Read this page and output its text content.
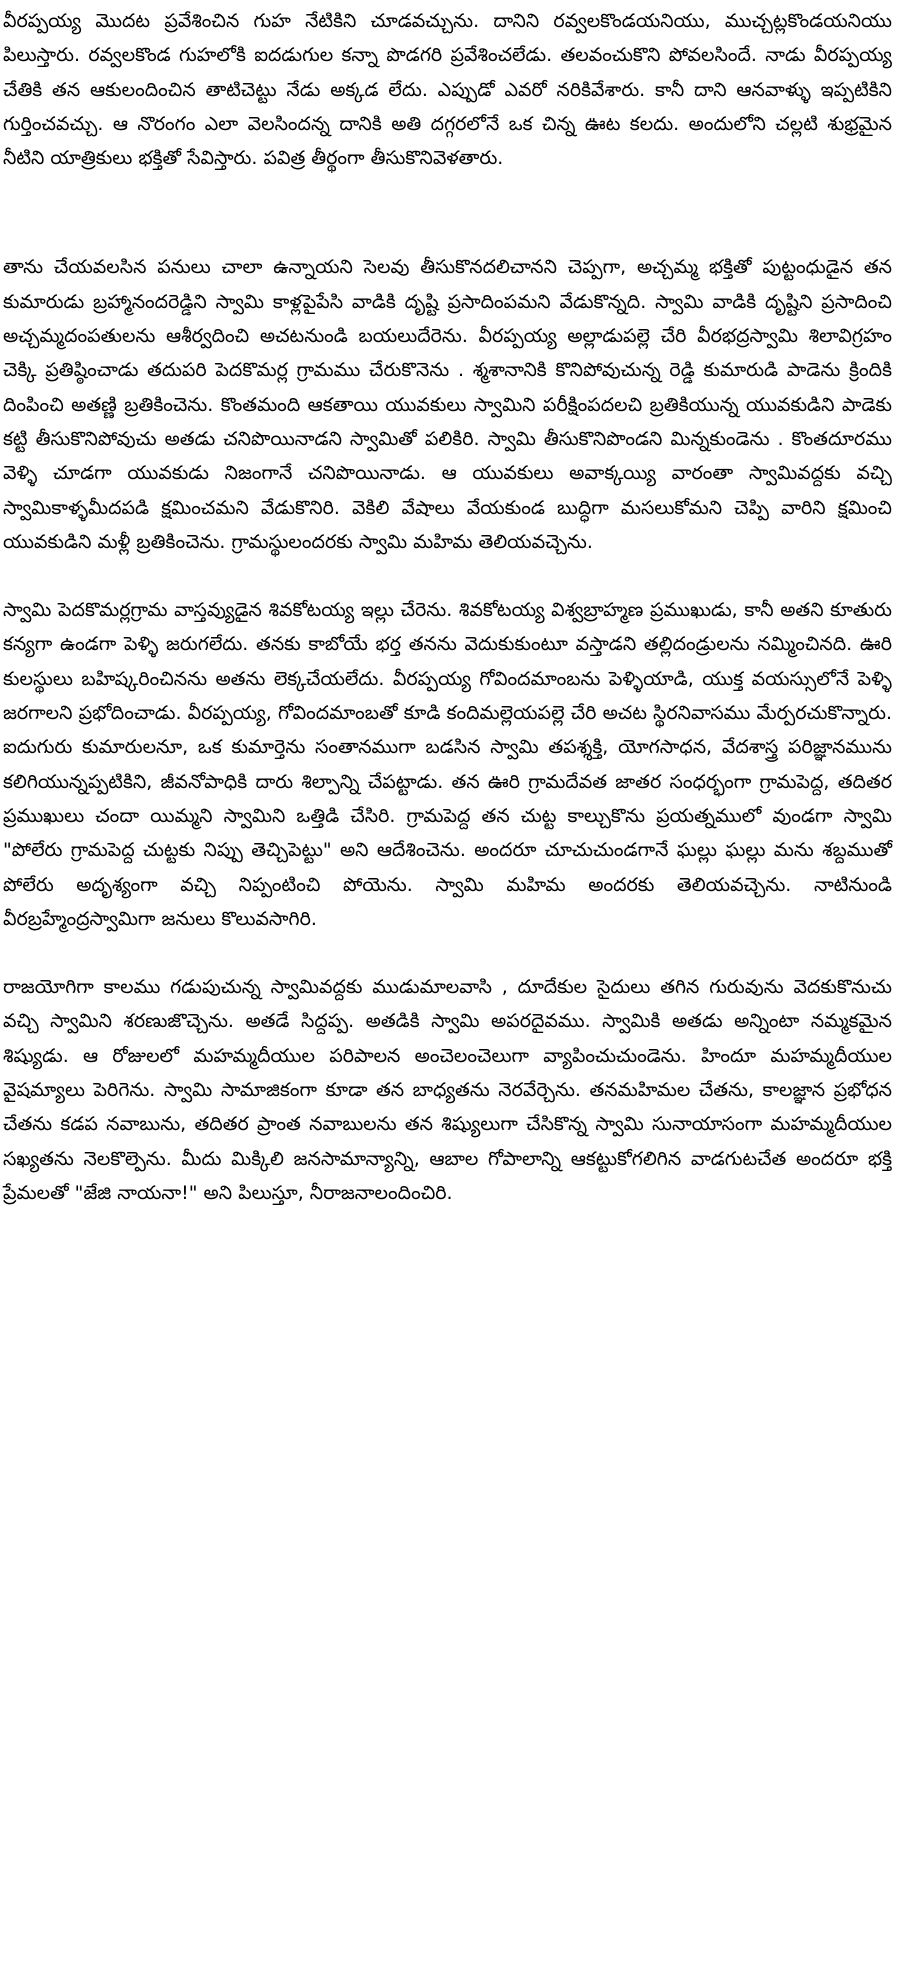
వీరప్పయ్య మొదట ప్రవేశించిన గుహ నేటికిని చూడవచ్చును. దానిని రవ్వలకొండయనియు, ముచ్చట్లకొండయనియు పిలుస్తారు. రవ్వలకొండ గుహలోకి ఐదడుగుల కన్నా పొడగరి ప్రవేశించలేడు. తలవంచుకొని పోవలసిందే. నాడు వీరప్పయ్య చేతికి తన ఆకులందించిన తాటిచెట్టు నేడు అక్కడ లేదు. ఎప్పుడో ఎవరో నరికివేశారు. కానీ దాని ఆనవాళ్ళు ఇప్పటికిని గుర్తించవచ్చు. ఆ నొరంగం ఎలా వెలసిందన్న దానికి అతి దగ్గరలోనే ఒక చిన్న ఊట కలదు. అందులోని చల్లటి శుభ్రమైన నీటిని యాత్రికులు భక్తితో సేవిస్తారు. పవిత్ర తీర్థంగా తీసుకొనివెళతారు.

తాను చేయవలసిన పనులు చాలా ఉన్నాయని సెలవు తీసుకొనదలిచానని చెప్పగా, అచ్చమ్మ భక్తితో పుట్టంధుడైన తన కుమారుడు బ్రహ్మానందరెడ్డిని స్వామి కాళ్లపైపేసి వాడికి దృష్టి ప్రసాదింపమని వేడుకొన్నది. స్వామి వాడికి దృష్టిని ప్రసాదించి అచ్చమ్మదంపతులను ఆశీర్వదించి అచటనుండి బయలుదేరెను. వీరప్పయ్య అల్లాడుపల్లె చేరి వీరభద్రస్వామి శిలావిగ్రహం చెక్కి ప్రతిష్ఠించాడు తదుపరి పెదకొమర్ల గ్రామము చేరుకొనెను . శ్మశానానికి కొనిపోవుచున్న రెడ్డి కుమారుడి పాడెను క్రిందికి దింపించి అతణ్ణి బ్రతికించెను. కొంతమంది ఆకతాయి యువకులు స్వామిని పరీక్షింపదలచి బ్రతికియున్న యువకుడిని పాడెకు కట్టి తీసుకొనిపోవుచు అతడు చనిపొయినాడని స్వామితో పలికిరి. స్వామి తీసుకొనిపొండని మిన్నకుండెను . కొంతదూరము వెళ్ళి చూడగా యువకుడు నిజంగానే చనిపొయినాడు. ఆ యువకులు అవాక్కయ్యి వారంతా స్వామివద్దకు వచ్చి స్వామికాళ్ళమీదపడి క్షమించమని వేడుకొనిరి. వెకిలి వేషాలు వేయకుండ బుద్ధిగా మసలుకోమని చెప్పి వారిని క్షమించి యువకుడిని మళ్లీ బ్రతికించెను. గ్రామస్థులందరకు స్వామి మహిమ తెలియవచ్చెను.

స్వామి పెదకొమర్లగ్రామ వాస్తవ్యుడైన శివకోటయ్య ఇల్లు చేరెను. శివకోటయ్య విశ్వబ్రాహ్మణ ప్రముఖుడు, కానీ అతని కూతురు కన్యగా ఉండగా పెళ్ళి జరుగలేదు. తనకు కాబోయే భర్త తనను వెదుకుకుంటూ వస్తాడని తల్లిదండ్రులను నమ్మించినది. ఊరి కులస్థులు బహిష్కరించినను అతను లెక్కచేయలేదు. వీరప్పయ్య గోవిందమాంబను పెళ్ళియాడి, యుక్త వయస్సులోనే పెళ్ళి జరగాలని ప్రభోదించాడు. వీరప్పయ్య, గోవిందమాంబతో కూడి కందిమల్లెయపల్లె చేరి అచట స్థిరనివాసము మేర్పరచుకొన్నారు. ఐదుగురు కుమారులనూ, ఒక కుమార్తెను సంతానముగా బడసిన స్వామి తపశ్శక్తి, యోగసాధన, వేదశాస్త్ర పరిజ్ఞానమును కలిగియున్నప్పటికిని, జీవనోపాధికి దారు శిల్పాన్ని చేపట్టాడు. తన ఊరి గ్రామదేవత జాతర సంధర్భంగా గ్రామపెద్ద, తదితర ప్రముఖులు చందా యిమ్మని స్వామిని ఒత్తిడి చేసిరి. గ్రామపెద్ద తన చుట్ట కాల్చుకొను ప్రయత్నములో వుండగా స్వామి "పోలేరు గ్రామపెద్ద చుట్టకు నిప్పు తెచ్చిపెట్టు" అని ఆదేశించెను. అందరూ చూచుచుండగానే ఘల్లు ఘల్లు మను శబ్దముతో పోలేరు అదృశ్యంగా వచ్చి నిప్పంటించి పోయెను. స్వామి మహిమ అందరకు తెలియవచ్చెను. నాటినుండి వీరబ్రహ్మేంద్రస్వామిగా జనులు కొలువసాగిరి.

రాజయోగిగా కాలము గడుపుచున్న స్వామివద్దకు ముడుమాలవాసి , దూదేకుల సైదులు తగిన గురువును వెదకుకొనుచు వచ్చి స్వామిని శరణుజొచ్చెను. అతడే సిద్దప్ప. అతడికి స్వామి అపరదైవము. స్వామికి అతడు అన్నింటా నమ్మకమైన శిష్యుడు. ఆ రోజులలో మహమ్మదీయుల పరిపాలన అంచెలంచెలుగా వ్యాపించుచుండెను. హిందూ మహమ్మదీయుల వైషమ్యాలు పెరిగెను. స్వామి సామాజికంగా కూడా తన బాధ్యతను నెరవేర్చెను. తనమహిమల చేతను, కాలజ్ఞాన ప్రభోధన చేతను కడప నవాబును, తదితర ప్రాంత నవాబులను తన శిష్యులుగా చేసికొన్న స్వామి సునాయాసంగా మహమ్మదీయుల సఖ్యతను నెలకొల్పెను. మీదు మిక్కిలి జనసామాన్యాన్ని, ఆబాల గోపాలాన్ని ఆకట్టుకోగలిగిన వాడగుటచేత అందరూ భక్తి ప్రేమలతో "జేజి నాయనా!" అని పిలుస్తూ, నీరాజనాలందించిరి.
